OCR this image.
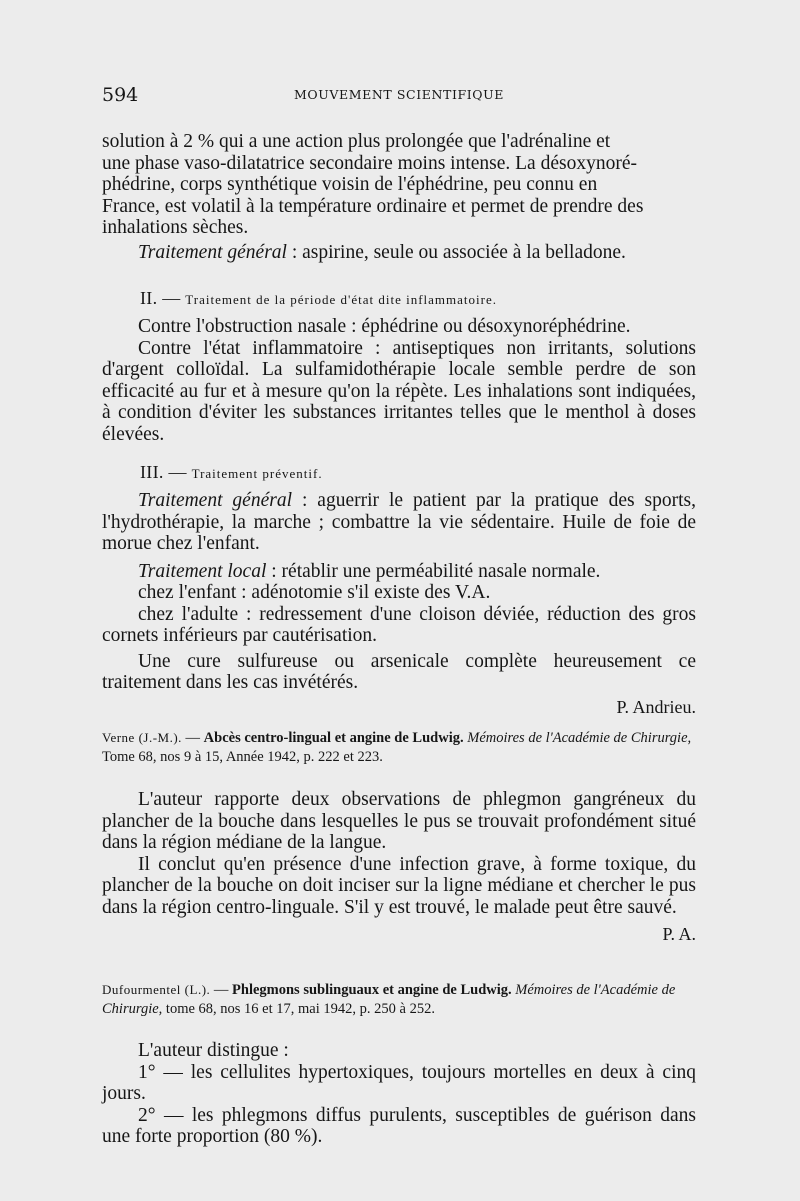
594	MOUVEMENT SCIENTIFIQUE

solution à 2 % qui a une action plus prolongée que l'adrénaline et

une phase vaso-dilatatrice secondaire moins intense. La désoxynoré-

phédrine, corps synthétique voisin de l'éphédrine, peu connu en

France, est volatil à la température ordinaire et permet de prendre des

inhalations sèches.

Traitement général : aspirine, seule ou associée à la belladone.

II. — Traitement de la période d'état dite inflammatoire.

Contre l'obstruction nasale : éphédrine ou désoxynoréphédrine.

Contre l'état inflammatoire : antiseptiques non irritants, solutions d'argent colloïdal. La sulfamidothérapie locale semble perdre de son efficacité au fur et à mesure qu'on la répète. Les inhalations sont indiquées, à condition d'éviter les substances irritantes telles que le menthol à doses élevées.

III. — Traitement préventif.

Traitement général : aguerrir le patient par la pratique des sports, l'hydrothérapie, la marche ; combattre la vie sédentaire. Huile de foie de morue chez l'enfant.

Traitement local : rétablir une perméabilité nasale normale.

chez l'enfant : adénotomie s'il existe des V.A.

chez l'adulte : redressement d'une cloison déviée, réduction des gros cornets inférieurs par cautérisation.

Une cure sulfureuse ou arsenicale complète heureusement ce traitement dans les cas invétérés.

P. Andrieu.

Verne (J.-M.). — Abcès centro-lingual et angine de Ludwig. Mémoires de l'Académie de Chirurgie, Tome 68, nos 9 à 15, Année 1942, p. 222 et 223.

L'auteur rapporte deux observations de phlegmon gangréneux du plancher de la bouche dans lesquelles le pus se trouvait profondément situé dans la région médiane de la langue.

Il conclut qu'en présence d'une infection grave, à forme toxique, du plancher de la bouche on doit inciser sur la ligne médiane et chercher le pus dans la région centro-linguale. S'il y est trouvé, le malade peut être sauvé.

P. A.

Dufourmentel (L.). — Phlegmons sublinguaux et angine de Ludwig. Mémoires de l'Académie de Chirurgie, tome 68, nos 16 et 17, mai 1942, p. 250 à 252.

L'auteur distingue :

1° — les cellulites hypertoxiques, toujours mortelles en deux à cinq jours.

2° — les phlegmons diffus purulents, susceptibles de guérison dans une forte proportion (80 %).
